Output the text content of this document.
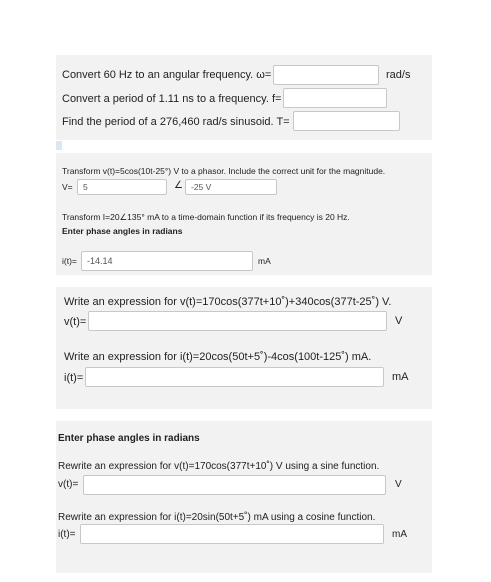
Convert 60 Hz to an angular frequency. ω=	rad/s
Convert a period of 1.11 ns to a frequency. f=
Find the period of a 276,460 rad/s sinusoid. T=
Transform v(t)=5cos(10t-25°) V to a phasor. Include the correct unit for the magnitude.
V=	5	∠ -25 V
Transform I=20∠135° mA to a time-domain function if its frequency is 20 Hz.
Enter phase angles in radians
i(t)=	-14.14	mA
Write an expression for v(t)=170cos(377t+10˚)+340cos(377t-25˚) V.
v(t)=	V
Write an expression for i(t)=20cos(50t+5˚)-4cos(100t-125˚) mA.
i(t)=	mA
Enter phase angles in radians
Rewrite an expression for v(t)=170cos(377t+10˚) V using a sine function.
v(t)=	V
Rewrite an expression for i(t)=20sin(50t+5˚) mA using a cosine function.
i(t)=	mA
